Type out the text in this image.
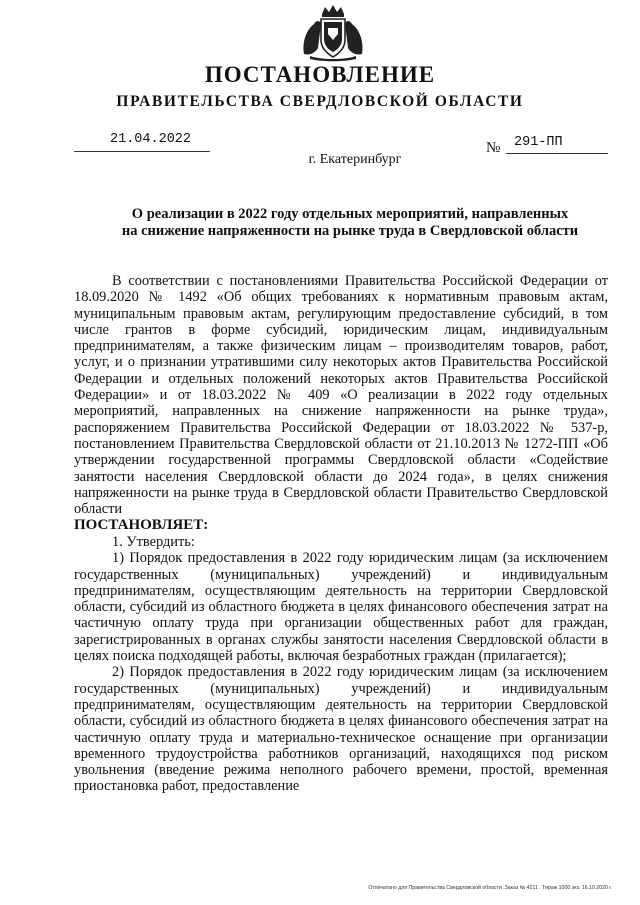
ПОСТАНОВЛЕНИЕ
ПРАВИТЕЛЬСТВА СВЕРДЛОВСКОЙ ОБЛАСТИ
21.04.2022
№	291-ПП
г. Екатеринбург
О реализации в 2022 году отдельных мероприятий, направленных
на снижение напряженности на рынке труда в Свердловской области

В соответствии с постановлениями Правительства Российской Федерации от 18.09.2020 № 1492 «Об общих требованиях к нормативным правовым актам, муниципальным правовым актам, регулирующим предоставление субсидий, в том числе грантов в форме субсидий, юридическим лицам, индивидуальным предпринимателям, а также физическим лицам – производителям товаров, работ, услуг, и о признании утратившими силу некоторых актов Правительства Российской Федерации и отдельных положений некоторых актов Правительства Российской Федерации» и от 18.03.2022 № 409 «О реализации в 2022 году отдельных мероприятий, направленных на снижение напряженности на рынке труда», распоряжением Правительства Российской Федерации от 18.03.2022 № 537-р, постановлением Правительства Свердловской области от 21.10.2013 № 1272-ПП «Об утверждении государственной программы Свердловской области «Содействие занятости населения Свердловской области до 2024 года», в целях снижения напряженности на рынке труда в Свердловской области Правительство Свердловской области

ПОСТАНОВЛЯЕТ:

1. Утвердить:

1) Порядок предоставления в 2022 году юридическим лицам (за исключением государственных (муниципальных) учреждений) и индивидуальным предпринимателям, осуществляющим деятельность на территории Свердловской области, субсидий из областного бюджета в целях финансового обеспечения затрат на частичную оплату труда при организации общественных работ для граждан, зарегистрированных в органах службы занятости населения Свердловской области в целях поиска подходящей работы, включая безработных граждан (прилагается);

2) Порядок предоставления в 2022 году юридическим лицам (за исключением государственных (муниципальных) учреждений) и индивидуальным предпринимателям, осуществляющим деятельность на территории Свердловской области, субсидий из областного бюджета в целях финансового обеспечения затрат на частичную оплату труда и материально-техническое оснащение при организации временного трудоустройства работников организаций, находящихся под риском увольнения (введение режима неполного рабочего времени, простой, временная приостановка работ, предоставление

Отпечатано для Правительства Свердловской области. Заказ № 4211 . Тираж 1000 экз. 16.10.2020 г.
